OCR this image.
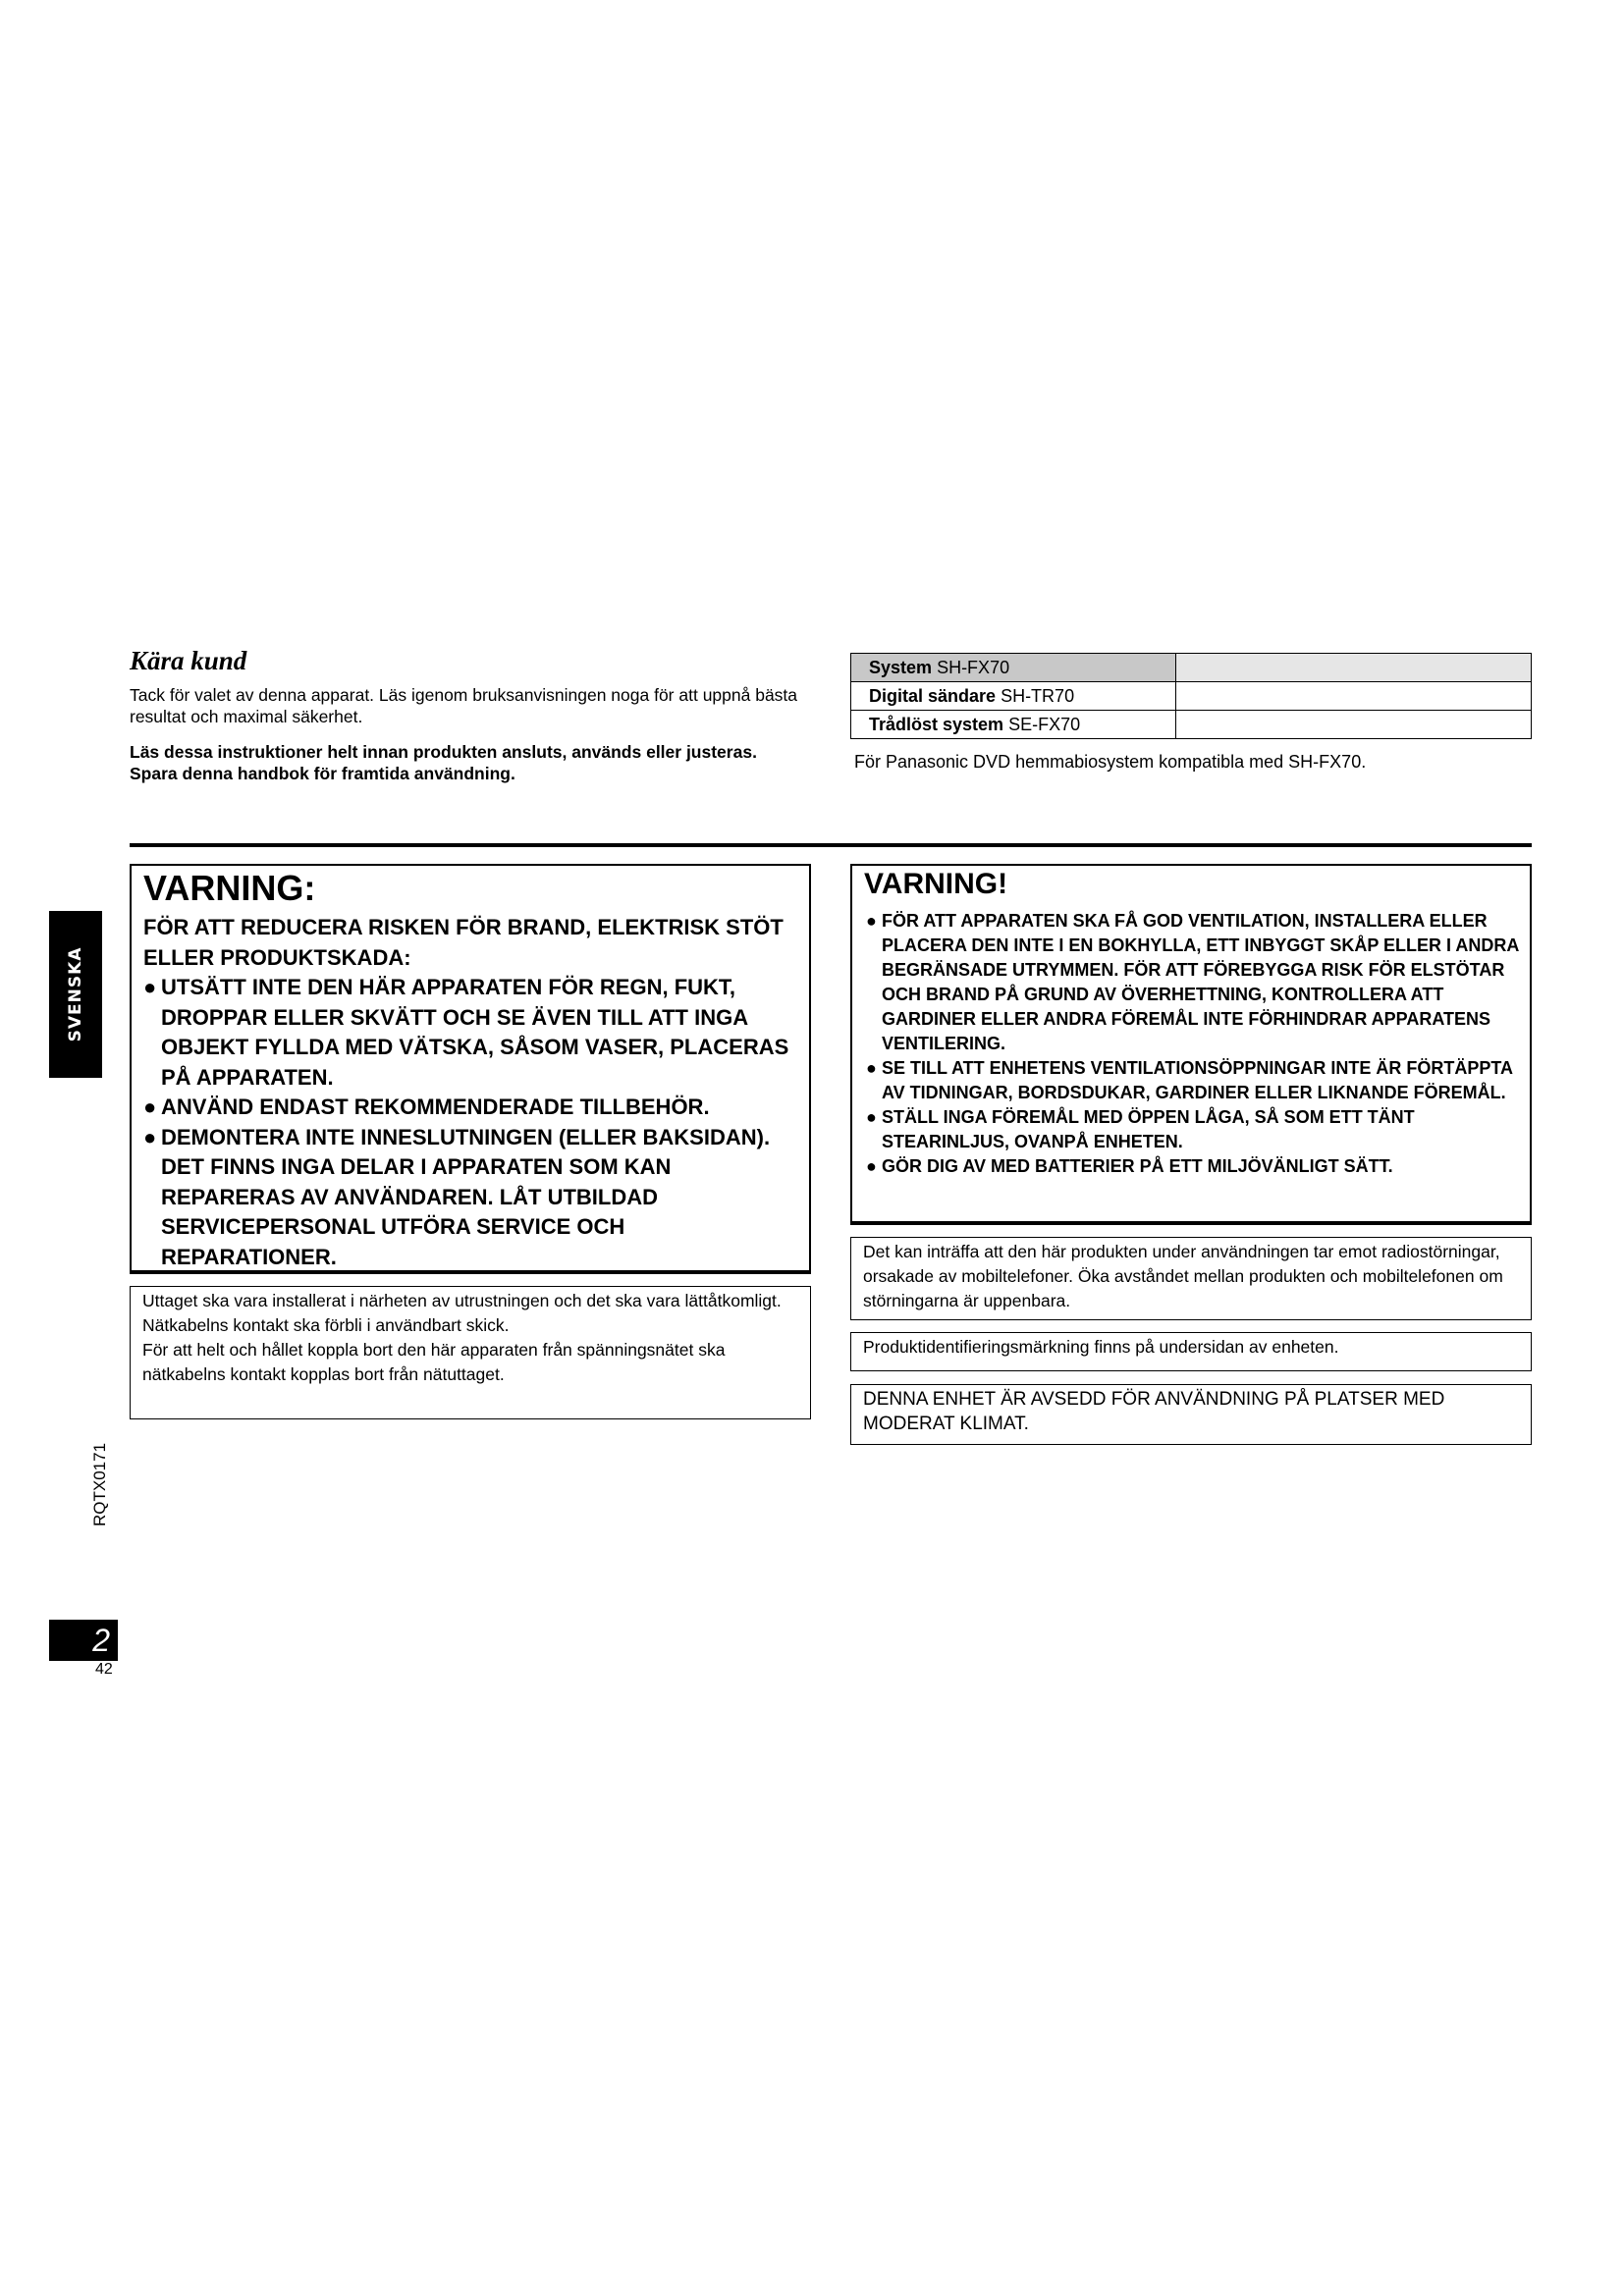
SVENSKA
RQTX0171
2
42
Kära kund
Tack för valet av denna apparat. Läs igenom bruksanvisningen noga för att uppnå bästa resultat och maximal säkerhet.
Läs dessa instruktioner helt innan produkten ansluts, används eller justeras.
Spara denna handbok för framtida användning.
System SH-FX70	
Digital sändare SH-TR70	
Trådlöst system SE-FX70	
För Panasonic DVD hemmabiosystem kompatibla med SH-FX70.
VARNING:
FÖR ATT REDUCERA RISKEN FÖR BRAND, ELEKTRISK STÖT ELLER PRODUKTSKADA:
● UTSÄTT INTE DEN HÄR APPARATEN FÖR REGN, FUKT, DROPPAR ELLER SKVÄTT OCH SE ÄVEN TILL ATT INGA OBJEKT FYLLDA MED VÄTSKA, SÅSOM VASER, PLACERAS PÅ APPARATEN.
● ANVÄND ENDAST REKOMMENDERADE TILLBEHÖR.
● DEMONTERA INTE INNESLUTNINGEN (ELLER BAKSIDAN). DET FINNS INGA DELAR I APPARATEN SOM KAN REPARERAS AV ANVÄNDAREN. LÅT UTBILDAD SERVICEPERSONAL UTFÖRA SERVICE OCH REPARATIONER.
VARNING!
● FÖR ATT APPARATEN SKA FÅ GOD VENTILATION, INSTALLERA ELLER PLACERA DEN INTE I EN BOKHYLLA, ETT INBYGGT SKÅP ELLER I ANDRA BEGRÄNSADE UTRYMMEN. FÖR ATT FÖREBYGGA RISK FÖR ELSTÖTAR OCH BRAND PÅ GRUND AV ÖVERHETTNING, KONTROLLERA ATT GARDINER ELLER ANDRA FÖREMÅL INTE FÖRHINDRAR APPARATENS VENTILERING.
● SE TILL ATT ENHETENS VENTILATIONSÖPPNINGAR INTE ÄR FÖRTÄPPTA AV TIDNINGAR, BORDSDUKAR, GARDINER ELLER LIKNANDE FÖREMÅL.
● STÄLL INGA FÖREMÅL MED ÖPPEN LÅGA, SÅ SOM ETT TÄNT STEARINLJUS, OVANPÅ ENHETEN.
● GÖR DIG AV MED BATTERIER PÅ ETT MILJÖVÄNLIGT SÄTT.
Uttaget ska vara installerat i närheten av utrustningen och det ska vara lättåtkomligt.
Nätkabelns kontakt ska förbli i användbart skick.
För att helt och hållet koppla bort den här apparaten från spänningsnätet ska nätkabelns kontakt kopplas bort från nätuttaget.
Det kan inträffa att den här produkten under användningen tar emot radiostörningar, orsakade av mobiltelefoner. Öka avståndet mellan produkten och mobiltelefonen om störningarna är uppenbara.
Produktidentifieringsmärkning finns på undersidan av enheten.
DENNA ENHET ÄR AVSEDD FÖR ANVÄNDNING PÅ PLATSER MED MODERAT KLIMAT.
